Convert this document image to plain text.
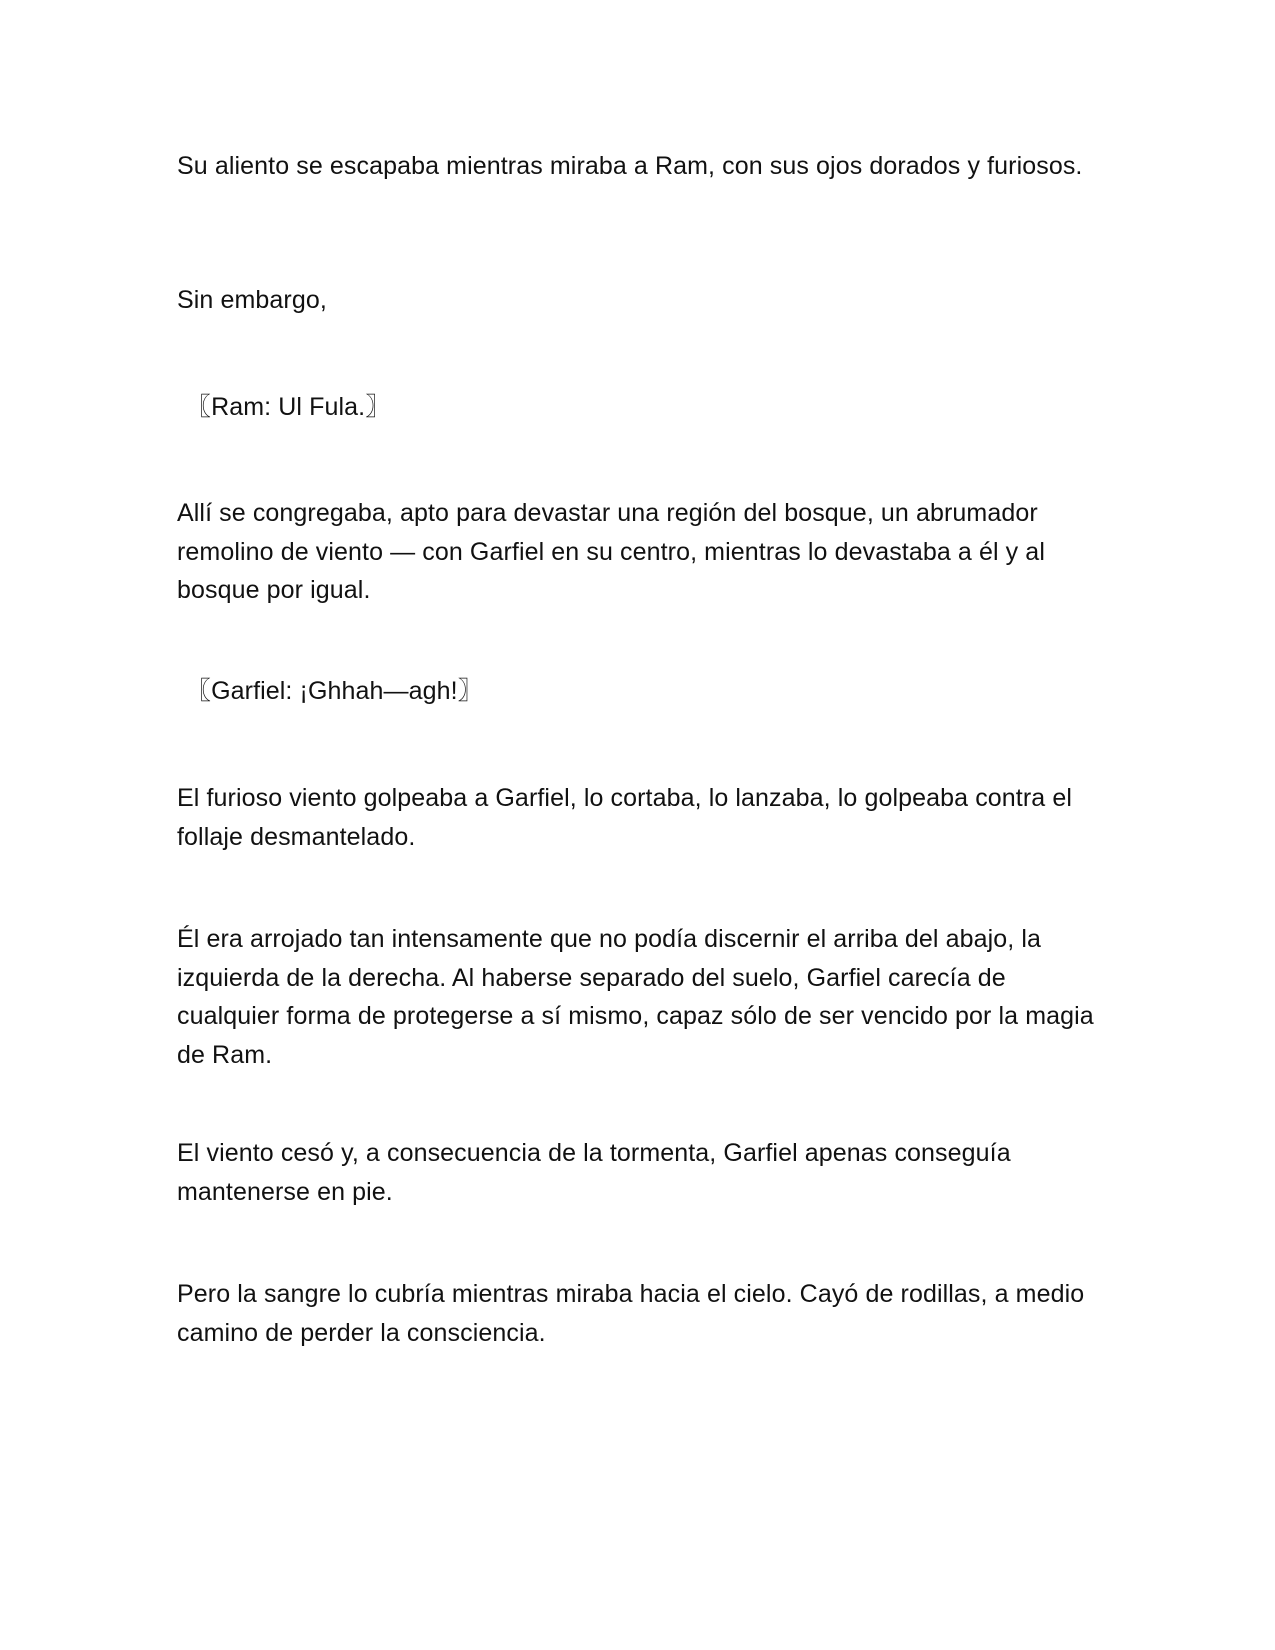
Su aliento se escapaba mientras miraba a Ram, con sus ojos dorados y furiosos.

Sin embargo,

〖Ram: Ul Fula.〗

Allí se congregaba, apto para devastar una región del bosque, un abrumador remolino de viento — con Garfiel en su centro, mientras lo devastaba a él y al bosque por igual.

〖Garfiel: ¡Ghhah—agh!〗

El furioso viento golpeaba a Garfiel, lo cortaba, lo lanzaba, lo golpeaba contra el follaje desmantelado.

Él era arrojado tan intensamente que no podía discernir el arriba del abajo, la izquierda de la derecha. Al haberse separado del suelo, Garfiel carecía de cualquier forma de protegerse a sí mismo, capaz sólo de ser vencido por la magia de Ram.

El viento cesó y, a consecuencia de la tormenta, Garfiel apenas conseguía mantenerse en pie.

Pero la sangre lo cubría mientras miraba hacia el cielo. Cayó de rodillas, a medio camino de perder la consciencia.
